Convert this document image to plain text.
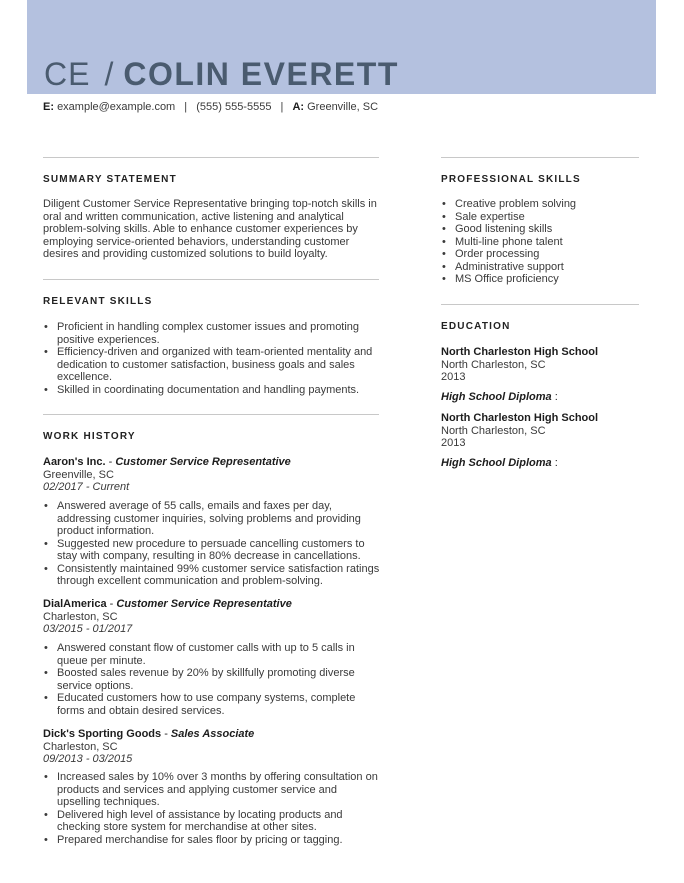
CE / COLIN EVERETT
E: example@example.com | (555) 555-5555 | A: Greenville, SC
SUMMARY STATEMENT
Diligent Customer Service Representative bringing top-notch skills in oral and written communication, active listening and analytical problem-solving skills. Able to enhance customer experiences by employing service-oriented behaviors, understanding customer desires and providing customized solutions to build loyalty.
RELEVANT SKILLS
• Proficient in handling complex customer issues and promoting positive experiences.
• Efficiency-driven and organized with team-oriented mentality and dedication to customer satisfaction, business goals and sales excellence.
• Skilled in coordinating documentation and handling payments.
WORK HISTORY
Aaron's Inc. - Customer Service Representative
Greenville, SC
02/2017 - Current
• Answered average of 55 calls, emails and faxes per day, addressing customer inquiries, solving problems and providing product information.
• Suggested new procedure to persuade cancelling customers to stay with company, resulting in 80% decrease in cancellations.
• Consistently maintained 99% customer service satisfaction ratings through excellent communication and problem-solving.
DialAmerica - Customer Service Representative
Charleston, SC
03/2015 - 01/2017
• Answered constant flow of customer calls with up to 5 calls in queue per minute.
• Boosted sales revenue by 20% by skillfully promoting diverse service options.
• Educated customers how to use company systems, complete forms and obtain desired services.
Dick's Sporting Goods - Sales Associate
Charleston, SC
09/2013 - 03/2015
• Increased sales by 10% over 3 months by offering consultation on products and services and applying customer service and upselling techniques.
• Delivered high level of assistance by locating products and checking store system for merchandise at other sites.
• Prepared merchandise for sales floor by pricing or tagging.
PROFESSIONAL SKILLS
• Creative problem solving
• Sale expertise
• Good listening skills
• Multi-line phone talent
• Order processing
• Administrative support
• MS Office proficiency
EDUCATION
North Charleston High School
North Charleston, SC
2013
High School Diploma :
North Charleston High School
North Charleston, SC
2013
High School Diploma :
